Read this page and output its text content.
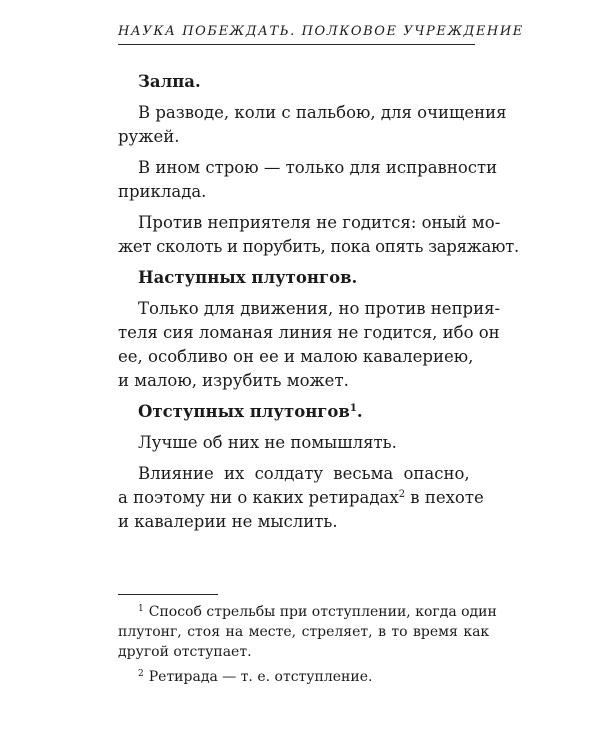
НАУКА ПОБЕЖДАТЬ. ПОЛКОВОЕ УЧРЕЖДЕНИЕ
Залпа.
В разводе, коли с пальбою, для очищения
ружей.
В ином строю — только для исправности
приклада.
Против неприятеля не годится: оный мо-
жет сколоть и порубить, пока опять заряжают.
Наступных плутонгов.
Только для движения, но против неприя-
теля сия ломаная линия не годится, ибо он
ее, особливо он ее и малою кавалериею,
и малою, изрубить может.
Отступных плутонгов$^1$.
Лучше об них не помышлять.
Влияние их солдату весьма опасно,
а поэтому ни о каких ретирадах$^2$ в пехоте
и кавалерии не мыслить.
$^1$ Способ стрельбы при отступлении, когда один
плутонг, стоя на месте, стреляет, в то время как
другой отступает.
$^2$ Ретирада — т. е. отступление.
